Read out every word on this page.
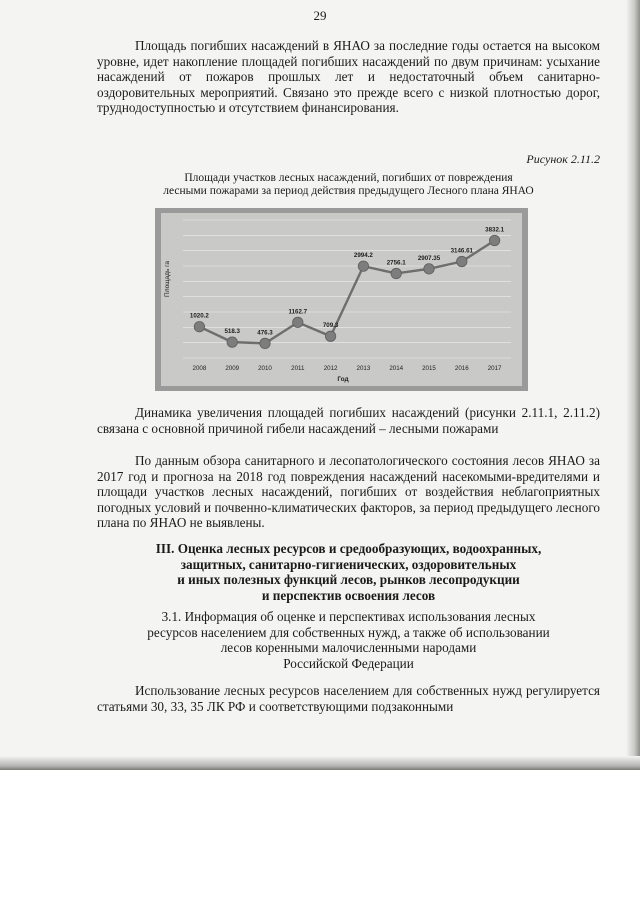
29
Площадь погибших насаждений в ЯНАО за последние годы остается на высоком уровне, идет накопление площадей погибших насаждений по двум причинам: усыхание насаждений от пожаров прошлых лет и недостаточный объем санитарно-оздоровительных мероприятий. Связано это прежде всего с низкой плотностью дорог, труднодоступностью и отсутствием финансирования.
Рисунок 2.11.2
Площади участков лесных насаждений, погибших от повреждения
лесными пожарами за период действия предыдущего Лесного плана ЯНАО
1020.2
518.3	476.3
1162.7
709.3
2994.2
2756.1
2907.35
3146.61
3832.1
2008	2009	2010	2011	2012	2013	2014	2015	2016	2017
Площадь га
Год
Динамика увеличения площадей погибших насаждений (рисунки 2.11.1, 2.11.2) связана с основной причиной гибели насаждений – лесными пожарами
По данным обзора санитарного и лесопатологического состояния лесов ЯНАО за 2017 год и прогноза на 2018 год повреждения насаждений насекомыми-вредителями и площади участков лесных насаждений, погибших от воздействия неблагоприятных погодных условий и почвенно-климатических факторов, за период предыдущего лесного плана по ЯНАО не выявлены.
III. Оценка лесных ресурсов и средообразующих, водоохранных,
защитных, санитарно-гигиенических, оздоровительных
и иных полезных функций лесов, рынков лесопродукции
и перспектив освоения лесов
3.1. Информация об оценке и перспективах использования лесных
ресурсов населением для собственных нужд, а также об использовании
лесов коренными малочисленными народами
Российской Федерации
Использование лесных ресурсов населением для собственных нужд регулируется статьями 30, 33, 35 ЛК РФ и соответствующими подзаконными
